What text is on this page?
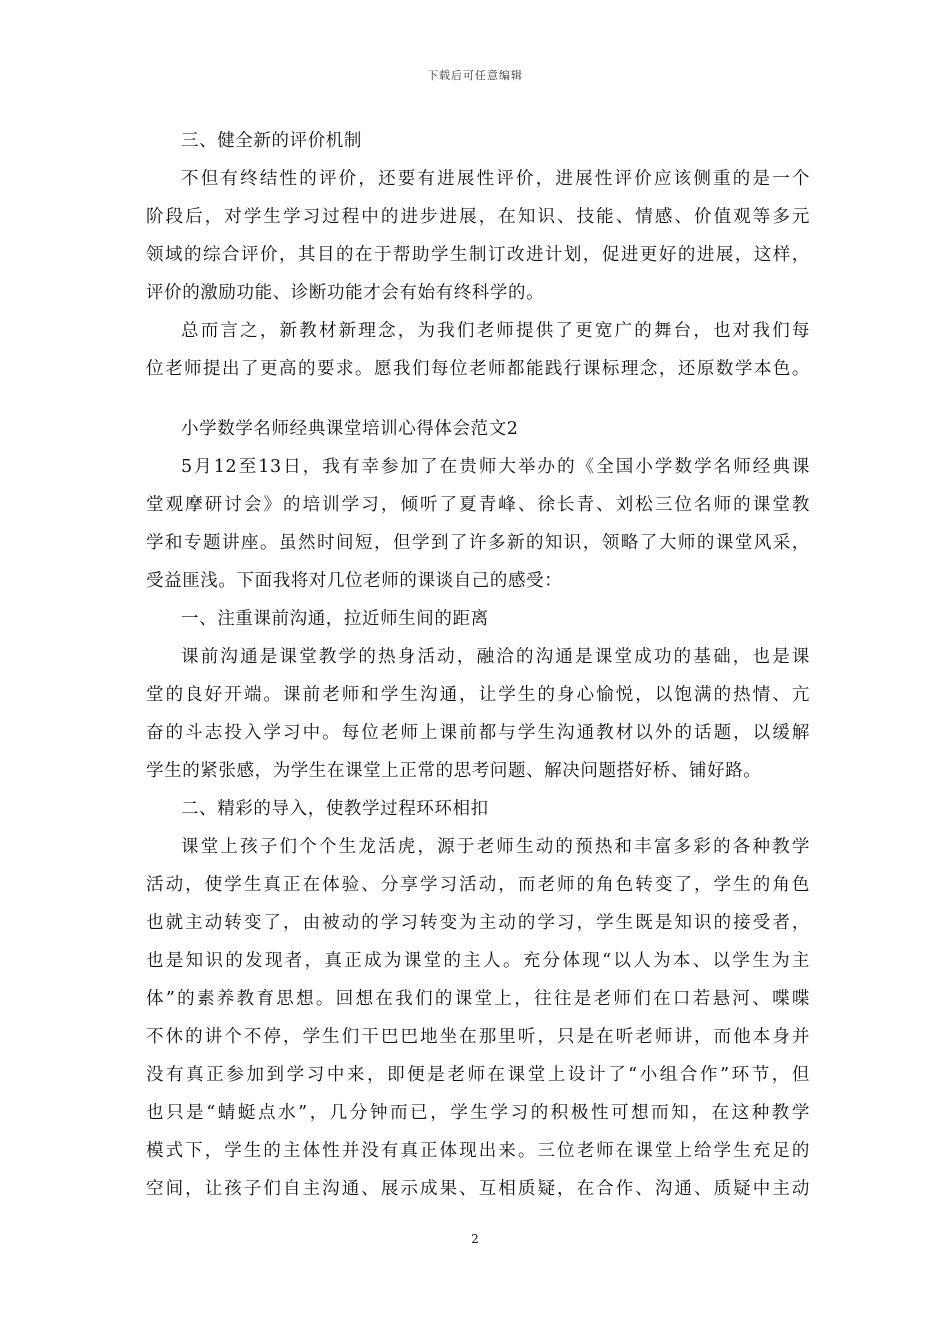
下载后可任意编辑
三、健全新的评价机制
不但有终结性的评价，还要有进展性评价，进展性评价应该侧重的是一个
阶段后，对学生学习过程中的进步进展，在知识、技能、情感、价值观等多元
领域的综合评价，其目的在于帮助学生制订改进计划，促进更好的进展，这样，
评价的激励功能、诊断功能才会有始有终科学的。
总而言之，新教材新理念，为我们老师提供了更宽广的舞台，也对我们每
位老师提出了更高的要求。愿我们每位老师都能践行课标理念，还原数学本色。
小学数学名师经典课堂培训心得体会范文2
5月12至13日，我有幸参加了在贵师大举办的《全国小学数学名师经典课
堂观摩研讨会》的培训学习，倾听了夏青峰、徐长青、刘松三位名师的课堂教
学和专题讲座。虽然时间短，但学到了许多新的知识，领略了大师的课堂风采，
受益匪浅。下面我将对几位老师的课谈自己的感受：
一、注重课前沟通，拉近师生间的距离
课前沟通是课堂教学的热身活动，融洽的沟通是课堂成功的基础，也是课
堂的良好开端。课前老师和学生沟通，让学生的身心愉悦，以饱满的热情、亢
奋的斗志投入学习中。每位老师上课前都与学生沟通教材以外的话题，以缓解
学生的紧张感，为学生在课堂上正常的思考问题、解决问题搭好桥、铺好路。
二、精彩的导入，使教学过程环环相扣
课堂上孩子们个个生龙活虎，源于老师生动的预热和丰富多彩的各种教学
活动，使学生真正在体验、分享学习活动，而老师的角色转变了，学生的角色
也就主动转变了，由被动的学习转变为主动的学习，学生既是知识的接受者，
也是知识的发现者，真正成为课堂的主人。充分体现“以人为本、以学生为主
体”的素养教育思想。回想在我们的课堂上，往往是老师们在口若悬河、喋喋
不休的讲个不停，学生们干巴巴地坐在那里听，只是在听老师讲，而他本身并
没有真正参加到学习中来，即便是老师在课堂上设计了“小组合作”环节，但
也只是“蜻蜓点水”，几分钟而已，学生学习的积极性可想而知，在这种教学
模式下，学生的主体性并没有真正体现出来。三位老师在课堂上给学生充足的
空间，让孩子们自主沟通、展示成果、互相质疑，在合作、沟通、质疑中主动
2
